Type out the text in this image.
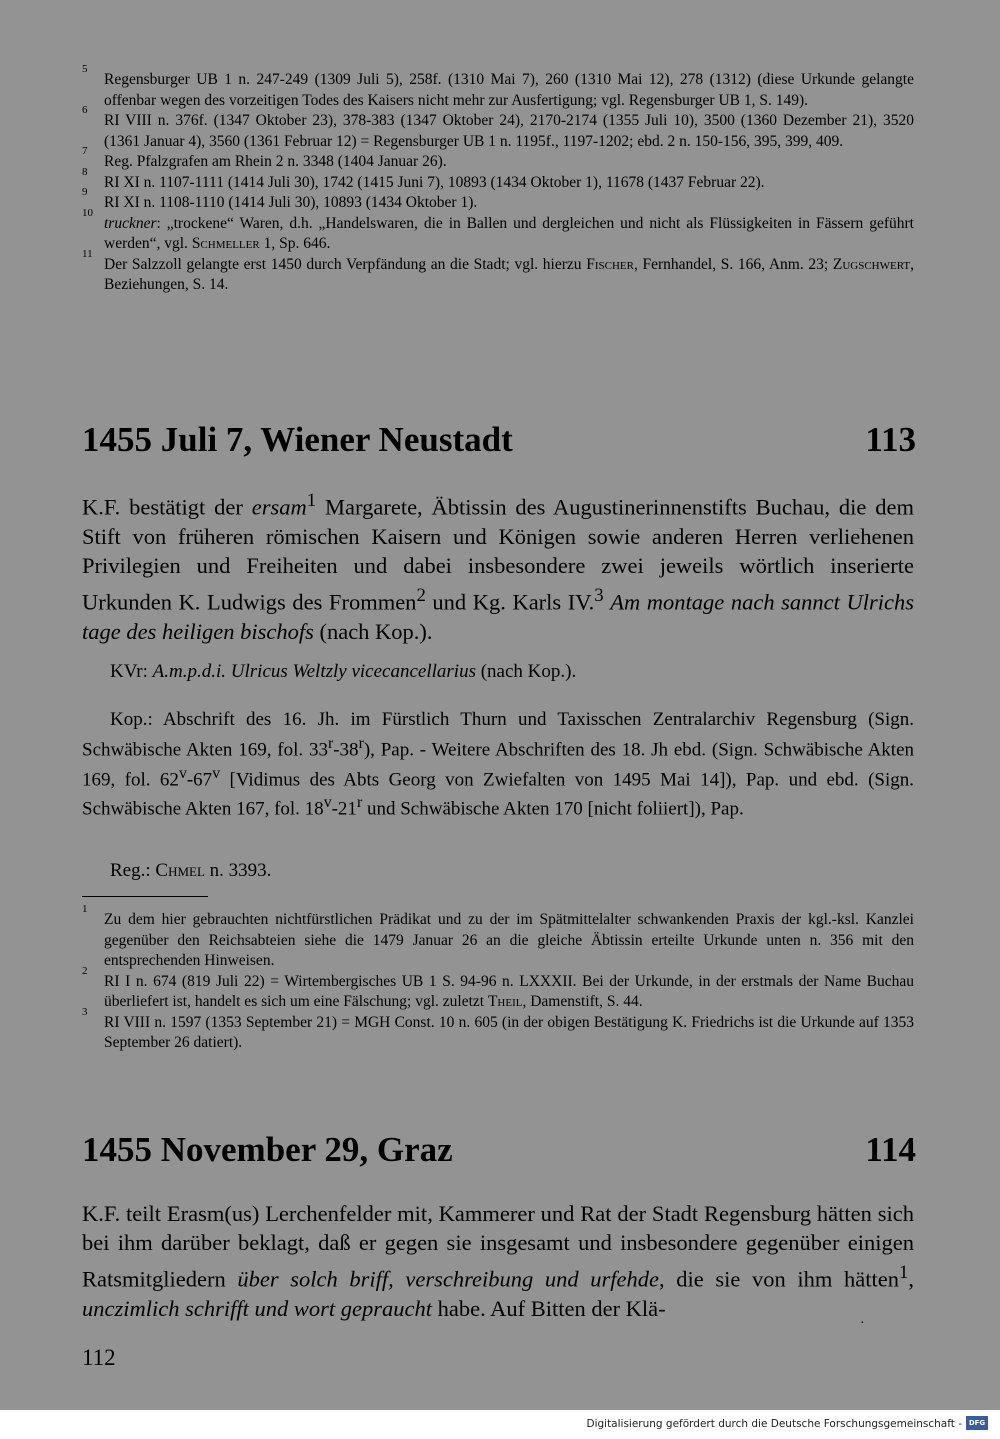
5
Regensburger UB 1 n. 247-249 (1309 Juli 5), 258f. (1310 Mai 7), 260 (1310 Mai 12), 278 (1312) (diese Urkunde gelangte offenbar wegen des vorzeitigen Todes des Kaisers nicht mehr zur Ausfertigung; vgl. Regensburger UB 1, S. 149).
6
RI VIII n. 376f. (1347 Oktober 23), 378-383 (1347 Oktober 24), 2170-2174 (1355 Juli 10), 3500 (1360 Dezember 21), 3520 (1361 Januar 4), 3560 (1361 Februar 12) = Regensburger UB 1 n. 1195f., 1197-1202; ebd. 2 n. 150-156, 395, 399, 409.
7
Reg. Pfalzgrafen am Rhein 2 n. 3348 (1404 Januar 26).
8
RI XI n. 1107-1111 (1414 Juli 30), 1742 (1415 Juni 7), 10893 (1434 Oktober 1), 11678 (1437 Februar 22).
9
RI XI n. 1108-1110 (1414 Juli 30), 10893 (1434 Oktober 1).
10
truckner: „trockene“ Waren, d.h. „Handelswaren, die in Ballen und dergleichen und nicht als Flüssigkeiten in Fässern geführt werden“, vgl. Schmeller 1, Sp. 646.
11
Der Salzzoll gelangte erst 1450 durch Verpfändung an die Stadt; vgl. hierzu Fischer, Fernhandel, S. 166, Anm. 23; Zugschwert, Beziehungen, S. 14.
1455 Juli 7, Wiener Neustadt	113
K.F. bestätigt der ersam$^1$ Margarete, Äbtissin des Augustinerinnenstifts Buchau, die dem Stift von früheren römischen Kaisern und Königen sowie anderen Herren verliehenen Privilegien und Freiheiten und dabei insbesondere zwei jeweils wörtlich inserierte Urkunden K. Ludwigs des Frommen$^2$ und Kg. Karls IV.$^3$ Am montage nach sannct Ulrichs tage des heiligen bischofs (nach Kop.).
KVr: A.m.p.d.i. Ulricus Weltzly vicecancellarius (nach Kop.).
Kop.: Abschrift des 16. Jh. im Fürstlich Thurn und Taxisschen Zentralarchiv Regensburg (Sign. Schwäbische Akten 169, fol. 33$^r$-38$^r$), Pap. - Weitere Abschriften des 18. Jh ebd. (Sign. Schwäbische Akten 169, fol. 62$^v$-67$^v$ [Vidimus des Abts Georg von Zwiefalten von 1495 Mai 14]), Pap. und ebd. (Sign. Schwäbische Akten 167, fol. 18$^v$-21$^r$ und Schwäbische Akten 170 [nicht foliiert]), Pap.
Reg.: Chmel n. 3393.
1
Zu dem hier gebrauchten nichtfürstlichen Prädikat und zu der im Spätmittelalter schwankenden Praxis der kgl.-ksl. Kanzlei gegenüber den Reichsabteien siehe die 1479 Januar 26 an die gleiche Äbtissin erteilte Urkunde unten n. 356 mit den entsprechenden Hinweisen.
2
RI I n. 674 (819 Juli 22) = Wirtembergisches UB 1 S. 94-96 n. LXXXII. Bei der Urkunde, in der erstmals der Name Buchau überliefert ist, handelt es sich um eine Fälschung; vgl. zuletzt Theil, Damenstift, S. 44.
3
RI VIII n. 1597 (1353 September 21) = MGH Const. 10 n. 605 (in der obigen Bestätigung K. Friedrichs ist die Urkunde auf 1353 September 26 datiert).
1455 November 29, Graz	114
K.F. teilt Erasm(us) Lerchenfelder mit, Kammerer und Rat der Stadt Regensburg hätten sich bei ihm darüber beklagt, daß er gegen sie insgesamt und insbesondere gegenüber einigen Ratsmitgliedern über solch briff, verschreibung und urfehde, die sie von ihm hätten$^1$, unczimlich schrifft und wort gepraucht habe. Auf Bitten der Klä-
·
112
Digitalisierung gefördert durch die Deutsche Forschungsgemeinschaft - DFG
